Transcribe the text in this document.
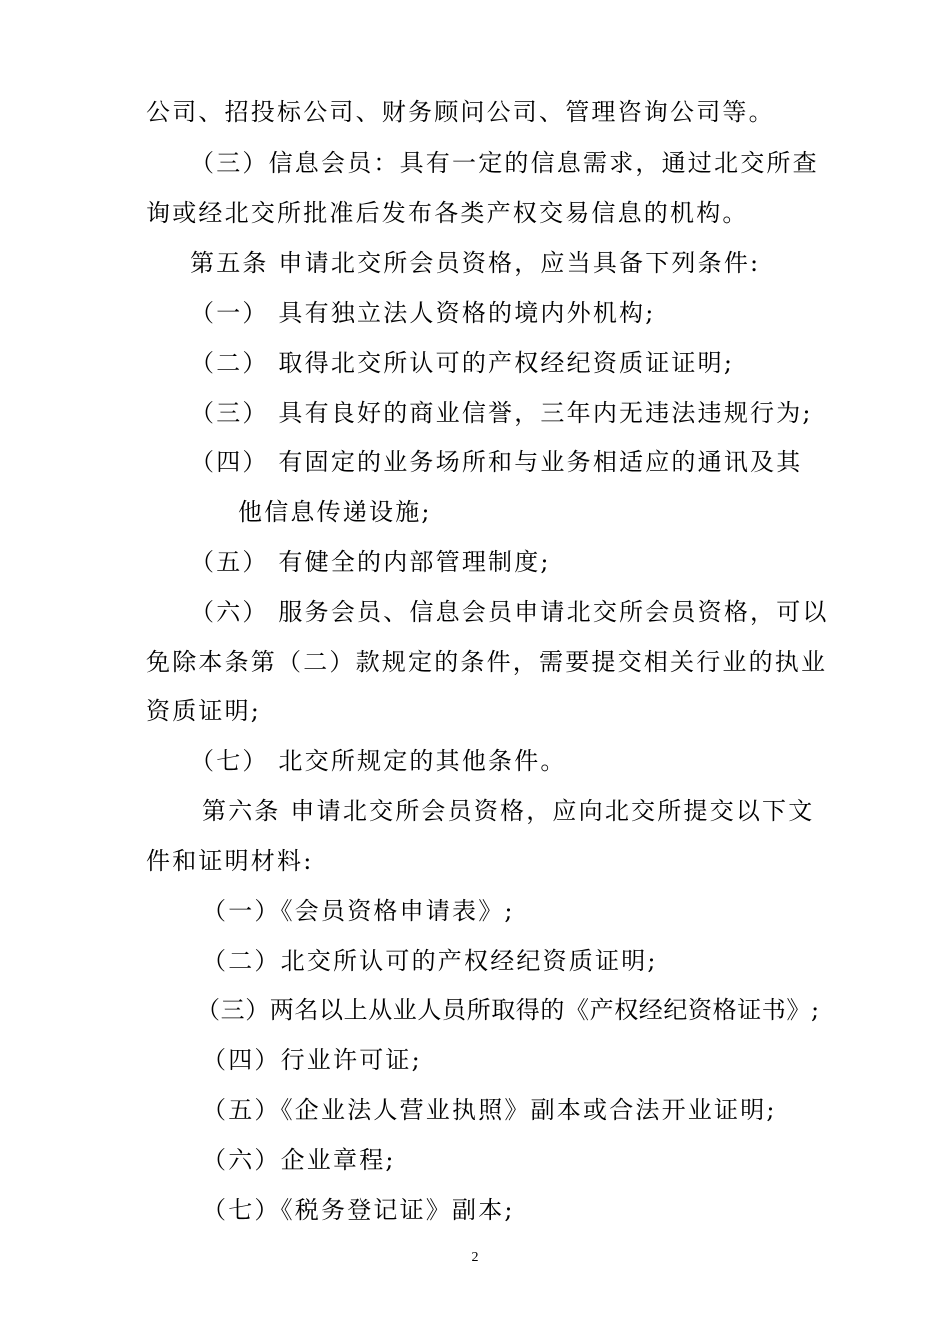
公司、招投标公司、财务顾问公司、管理咨询公司等。
（三）信息会员：具有一定的信息需求，通过北交所查
询或经北交所批准后发布各类产权交易信息的机构。
第五条 申请北交所会员资格，应当具备下列条件:
（一） 具有独立法人资格的境内外机构;
（二） 取得北交所认可的产权经纪资质证证明;
（三） 具有良好的商业信誉，三年内无违法违规行为;
（四） 有固定的业务场所和与业务相适应的通讯及其
他信息传递设施;
（五） 有健全的内部管理制度;
（六） 服务会员、信息会员申请北交所会员资格，可以
免除本条第（二）款规定的条件，需要提交相关行业的执业
资质证明;
（七） 北交所规定的其他条件。
第六条 申请北交所会员资格，应向北交所提交以下文
件和证明材料:
（一）《会员资格申请表》;
（二）北交所认可的产权经纪资质证明;
（三）两名以上从业人员所取得的《产权经纪资格证书》;
（四）行业许可证;
（五）《企业法人营业执照》副本或合法开业证明;
（六）企业章程;
（七）《税务登记证》副本;
2
